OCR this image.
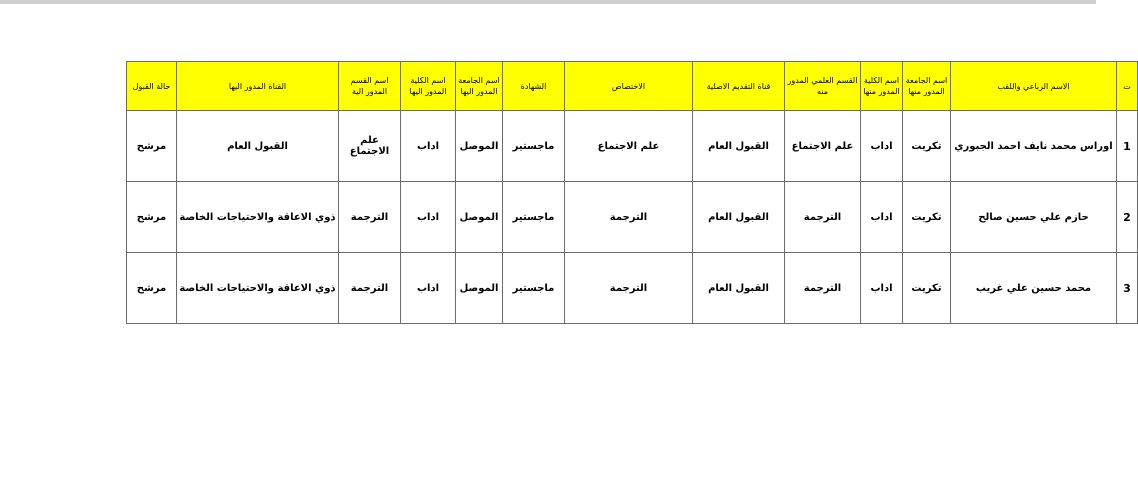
ت	الاسم الرباعي واللقب	اسم الجامعة المدور منها	اسم الكلية المدور منها	القسم العلمي المدور منه	قناة التقديم الاصلية	الاختصاص	الشهادة	اسم الجامعة المدور اليها	اسم الكلية المدور اليها	اسم القسم المدور الية	القناة المدور اليها	حالة القبول
1	اوراس محمد نايف احمد الجبوري	تكريت	اداب	علم الاجتماع	القبول العام	علم الاجتماع	ماجستير	الموصل	اداب	علم الاجتماع	القبول العام	مرشح
2	حازم علي حسين صالح	تكريت	اداب	الترجمة	القبول العام	الترجمة	ماجستير	الموصل	اداب	الترجمة	ذوي الاعاقة والاحتياجات الخاصة	مرشح
3	محمد حسين علي غريب	تكريت	اداب	الترجمة	القبول العام	الترجمة	ماجستير	الموصل	اداب	الترجمة	ذوي الاعاقة والاحتياجات الخاصة	مرشح
